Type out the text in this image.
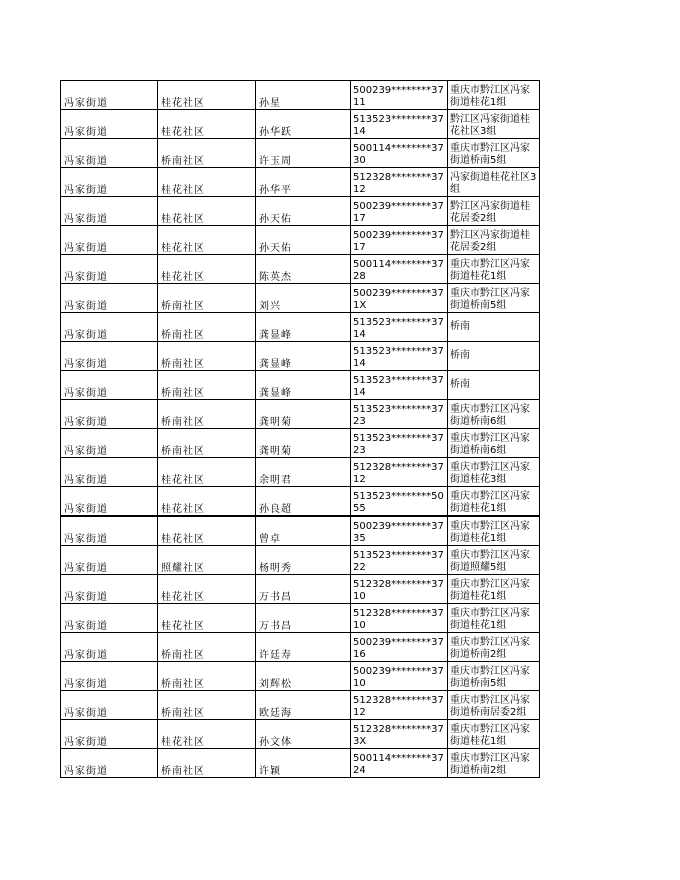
冯家街道	桂花社区	孙星	500239********3711	重庆市黔江区冯家街道桂花1组
冯家街道	桂花社区	孙华跃	513523********3714	黔江区冯家街道桂花社区3组
冯家街道	桥南社区	许玉周	500114********3730	重庆市黔江区冯家街道桥南5组
冯家街道	桂花社区	孙华平	512328********3712	冯家街道桂花社区3组
冯家街道	桂花社区	孙天佑	500239********3717	黔江区冯家街道桂花居委2组
冯家街道	桂花社区	孙天佑	500239********3717	黔江区冯家街道桂花居委2组
冯家街道	桂花社区	陈英杰	500114********3728	重庆市黔江区冯家街道桂花1组
冯家街道	桥南社区	刘兴	500239********371X	重庆市黔江区冯家街道桥南5组
冯家街道	桥南社区	龚显峰	513523********3714	桥南
冯家街道	桥南社区	龚显峰	513523********3714	桥南
冯家街道	桥南社区	龚显峰	513523********3714	桥南
冯家街道	桥南社区	龚明菊	513523********3723	重庆市黔江区冯家街道桥南6组
冯家街道	桥南社区	龚明菊	513523********3723	重庆市黔江区冯家街道桥南6组
冯家街道	桂花社区	余明君	512328********3712	重庆市黔江区冯家街道桂花3组
冯家街道	桂花社区	孙良超	513523********5055	重庆市黔江区冯家街道桂花1组
冯家街道	桂花社区	曾卓	500239********3735	重庆市黔江区冯家街道桂花1组
冯家街道	照耀社区	杨明秀	513523********3722	重庆市黔江区冯家街道照耀5组
冯家街道	桂花社区	万书昌	512328********3710	重庆市黔江区冯家街道桂花1组
冯家街道	桂花社区	万书昌	512328********3710	重庆市黔江区冯家街道桂花1组
冯家街道	桥南社区	许廷寿	500239********3716	重庆市黔江区冯家街道桥南2组
冯家街道	桥南社区	刘辉松	500239********3710	重庆市黔江区冯家街道桥南5组
冯家街道	桥南社区	欧廷海	512328********3712	重庆市黔江区冯家街道桥南居委2组
冯家街道	桂花社区	孙文体	512328********373X	重庆市黔江区冯家街道桂花1组
冯家街道	桥南社区	许颖	500114********3724	重庆市黔江区冯家街道桥南2组
